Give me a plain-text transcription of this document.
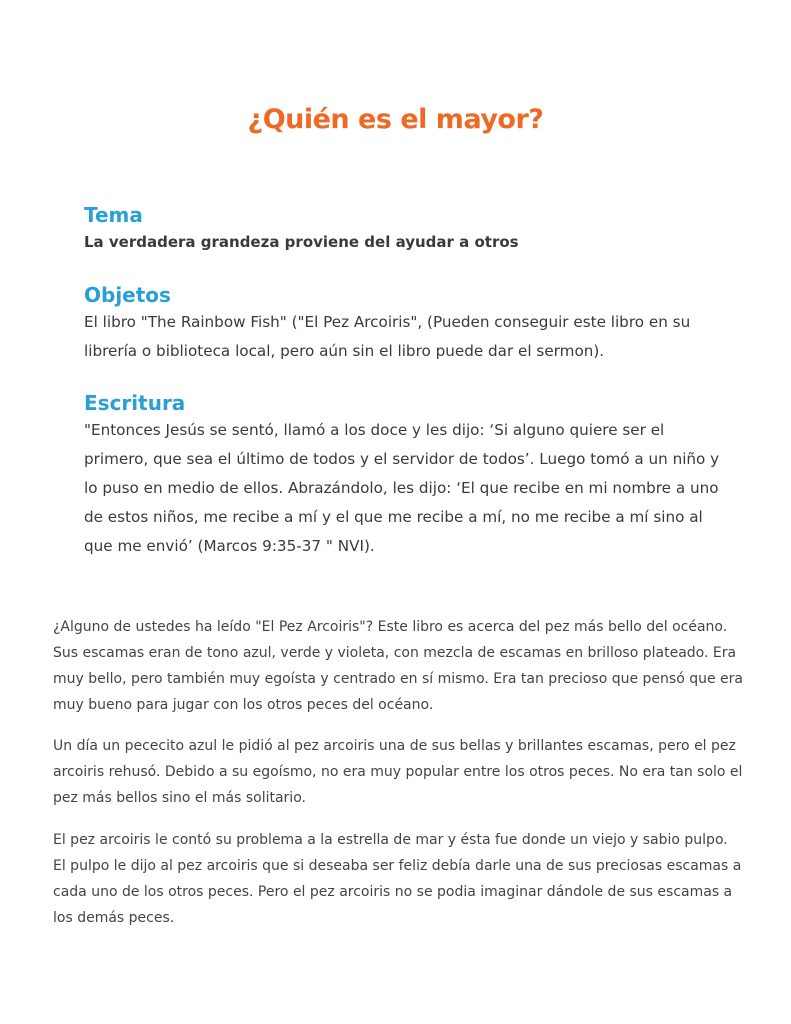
¿Quién es el mayor?
Tema

La verdadera grandeza proviene del ayudar a otros

Objetos

El libro "The Rainbow Fish" ("El Pez Arcoiris", (Pueden conseguir este libro en su librería o biblioteca local, pero aún sin el libro puede dar el sermon).

Escritura

"Entonces Jesús se sentó, llamó a los doce y les dijo: ‘Si alguno quiere ser el primero, que sea el último de todos y el servidor de todos’. Luego tomó a un niño y lo puso en medio de ellos. Abrazándolo, les dijo: ‘El que recibe en mi nombre a uno de estos niños, me recibe a mí y el que me recibe a mí, no me recibe a mí sino al que me envió’ (Marcos 9:35-37 " NVI).

¿Alguno de ustedes ha leído "El Pez Arcoiris"? Este libro es acerca del pez más bello del océano. Sus escamas eran de tono azul, verde y violeta, con mezcla de escamas en brilloso plateado. Era muy bello, pero también muy egoísta y centrado en sí mismo. Era tan precioso que pensó que era muy bueno para jugar con los otros peces del océano.

Un día un pececito azul le pidió al pez arcoiris una de sus bellas y brillantes escamas, pero el pez arcoiris rehusó. Debido a su egoísmo, no era muy popular entre los otros peces. No era tan solo el pez más bellos sino el más solitario.

El pez arcoiris le contó su problema a la estrella de mar y ésta fue donde un viejo y sabio pulpo. El pulpo le dijo al pez arcoiris que si deseaba ser feliz debía darle una de sus preciosas escamas a cada uno de los otros peces. Pero el pez arcoiris no se podia imaginar dándole de sus escamas a los demás peces.
